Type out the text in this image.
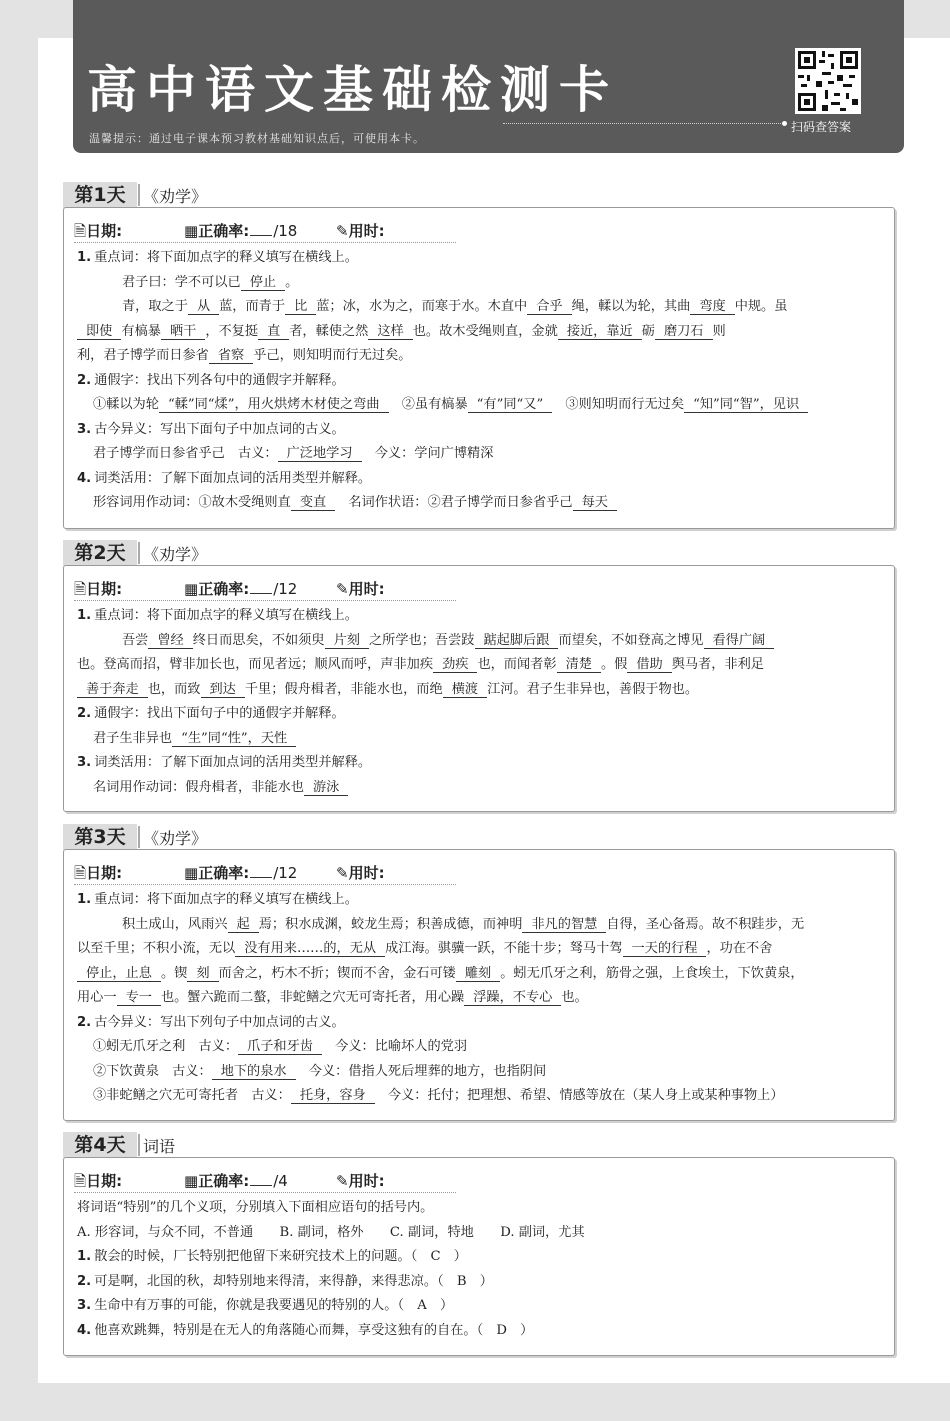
高中语文基础检测卡
温馨提示：通过电子课本预习教材基础知识点后，可使用本卡。
扫码查答案
第1天	《劝学》
🗎日期:	▦正确率: /18	✎用时:
1. 重点词：将下面加点字的释义填写在横线上。
君子曰：学不可以已 停止 。
青，取之于 从 蓝，而青于 比 蓝；冰，水为之，而寒于水。木直中 合乎 绳，輮以为轮，其曲 弯度 中规。虽
即使 有槁暴 晒干 ，不复挺 直 者，輮使之然 这样 也。故木受绳则直，金就 接近，靠近 砺 磨刀石 则
利，君子博学而日参省 省察 乎己，则知明而行无过矣。
2. 通假字：找出下列各句中的通假字并解释。
①輮以为轮 “輮”同“煣”，用火烘烤木材使之弯曲　②虽有槁暴 “有”同“又”　③则知明而行无过矣 “知”同“智”，见识
3. 古今异义：写出下面句子中加点词的古义。
君子博学而日参省乎己　古义： 广泛地学习　今义：学问广博精深
4. 词类活用：了解下面加点词的活用类型并解释。
形容词用作动词：①故木受绳则直 变直　名词作状语：②君子博学而日参省乎己 每天
第2天	《劝学》
🗎日期:	▦正确率: /12	✎用时:
1. 重点词：将下面加点字的释义填写在横线上。
吾尝 曾经 终日而思矣，不如须臾 片刻 之所学也；吾尝跂 踮起脚后跟 而望矣，不如登高之博见 看得广阔
也。登高而招，臂非加长也，而见者远；顺风而呼，声非加疾 劲疾 也，而闻者彰 清楚 。假 借助 舆马者，非利足
善于奔走 也，而致 到达 千里；假舟楫者，非能水也，而绝 横渡 江河。君子生非异也，善假于物也。
2. 通假字：找出下面句子中的通假字并解释。
君子生非异也 “生”同“性”，天性
3. 词类活用：了解下面加点词的活用类型并解释。
名词用作动词：假舟楫者，非能水也 游泳
第3天	《劝学》
🗎日期:	▦正确率: /12	✎用时:
1. 重点词：将下面加点字的释义填写在横线上。
积土成山，风雨兴 起 焉；积水成渊，蛟龙生焉；积善成德，而神明 非凡的智慧 自得，圣心备焉。故不积跬步，无
以至千里；不积小流，无以 没有用来……的，无从 成江海。骐骥一跃，不能十步；驽马十驾 一天的行程 ，功在不舍
停止，止息 。锲 刻 而舍之，朽木不折；锲而不舍，金石可镂 雕刻 。蚓无爪牙之利，筋骨之强，上食埃土，下饮黄泉，
用心一 专一 也。蟹六跪而二螯，非蛇鳝之穴无可寄托者，用心躁 浮躁，不专心 也。
2. 古今异义：写出下列句子中加点词的古义。
①蚓无爪牙之利　古义： 爪子和牙齿　今义：比喻坏人的党羽
②下饮黄泉　古义： 地下的泉水　今义：借指人死后埋葬的地方，也指阴间
③非蛇鳝之穴无可寄托者　古义： 托身，容身　今义：托付；把理想、希望、情感等放在（某人身上或某种事物上）
第4天	词语
🗎日期:	▦正确率: /4	✎用时:
将词语“特别”的几个义项，分别填入下面相应语句的括号内。
A. 形容词，与众不同，不普通　　B. 副词，格外　　C. 副词，特地　　D. 副词，尤其
1. 散会的时候，厂长特别把他留下来研究技术上的问题。（　C　）
2. 可是啊，北国的秋，却特别地来得清，来得静，来得悲凉。（　B　）
3. 生命中有万事的可能，你就是我要遇见的特别的人。（　A　）
4. 他喜欢跳舞，特别是在无人的角落随心而舞，享受这独有的自在。（　D　）
